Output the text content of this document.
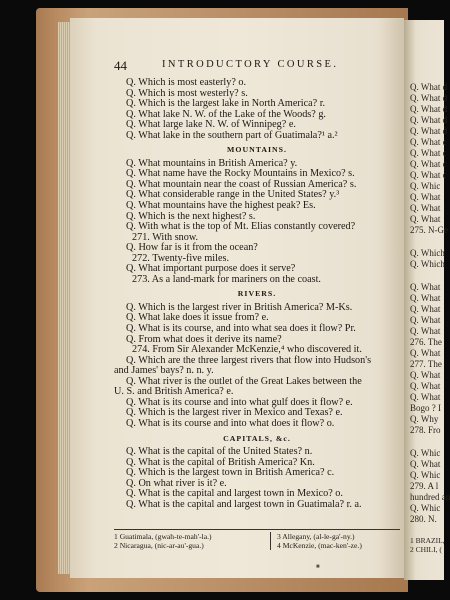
44	INTRODUCTORY COURSE.
Q. Which is most easterly? o.
Q. Which is most westerly? s.
Q. Which is the largest lake in North America? r.
Q. What lake N. W. of the Lake of the Woods? g.
Q. What large lake N. W. of Winnipeg? e.
Q. What lake in the southern part of Guatimala?¹ a.²
MOUNTAINS.
Q. What mountains in British America? y.
Q. What name have the Rocky Mountains in Mexico? s.
Q. What mountain near the coast of Russian America? s.
Q. What considerable range in the United States? y.³
Q. What mountains have the highest peak? Es.
Q. Which is the next highest? s.
Q. With what is the top of Mt. Elias constantly covered?
271. With snow.
Q. How far is it from the ocean?
272. Twenty-five miles.
Q. What important purpose does it serve?
273. As a land-mark for mariners on the coast.
RIVERS.
Q. Which is the largest river in British America? M-Ks.
Q. What lake does it issue from? e.
Q. What is its course, and into what sea does it flow? Pr.
Q. From what does it derive its name?
274. From Sir Alexander McKenzie,⁴ who discovered it.
Q. Which are the three largest rivers that flow into Hudson's
and James' bays? n. n. y.
Q. What river is the outlet of the Great Lakes between the
U. S. and British America? e.
Q. What is its course and into what gulf does it flow? e.
Q. Which is the largest river in Mexico and Texas? e.
Q. What is its course and into what does it flow? o.
CAPITALS, &c.
Q. What is the capital of the United States? n.
Q. What is the capital of British America? Kn.
Q. Which is the largest town in British America? c.
Q. On what river is it? e.
Q. What is the capital and largest town in Mexico? o.
Q. What is the capital and largest town in Guatimala? r. a.
1 Guatimala, (gwah-te-mah'-la.)
2 Nicaragua, (nic-ar-au'-gua.)
3 Allegany, (al-le-ga'-ny.)
4 McKenzie, (mac-ken'-ze.)
■
Q. What d
Q. What d
Q. What d
Q. What d
Q. What d
Q. What c
Q. What c
Q. What c
Q. What c
Q. Whic
Q. What
Q. What
Q. What
275. N-Ge
Q. Which
Q. Which
Q. What
Q. What
Q. What
Q. What
Q. What
276. The
Q. What
277. The
Q. What
Q. What
Q. What
Bogo ? I
Q. Why
278. Fro
Q. Whic
Q. What
Q. Whic
279. A l
hundred an
Q. Whic
280. N.
1 BRAZIL,
2 CHILI, (
